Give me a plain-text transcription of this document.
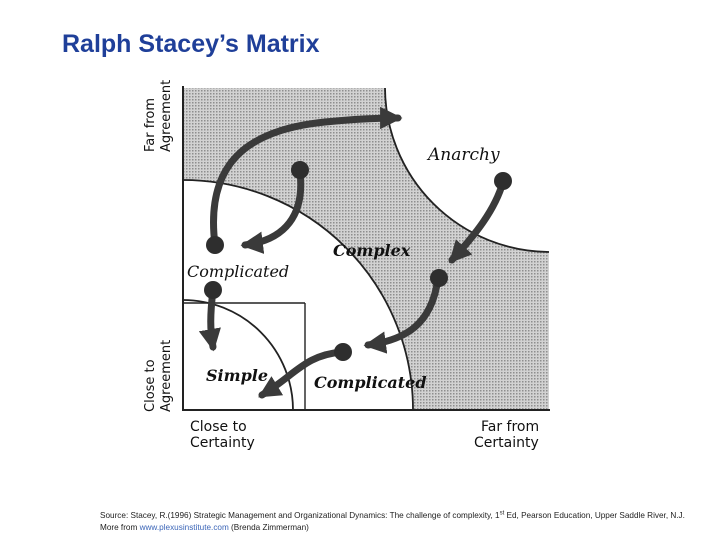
Ralph Stacey’s Matrix
Anarchy
Complex
Complicated
Simple	Complicated
Far from Agreement
Close to Agreement
Close to
Certainty
Far from
Certainty
Source: Stacey, R.(1996) Strategic Management and Organizational Dynamics: The challenge of complexity, 1st Ed, Pearson Education, Upper Saddle River, N.J.
More from www.plexusinstitute.com (Brenda Zimmerman)
